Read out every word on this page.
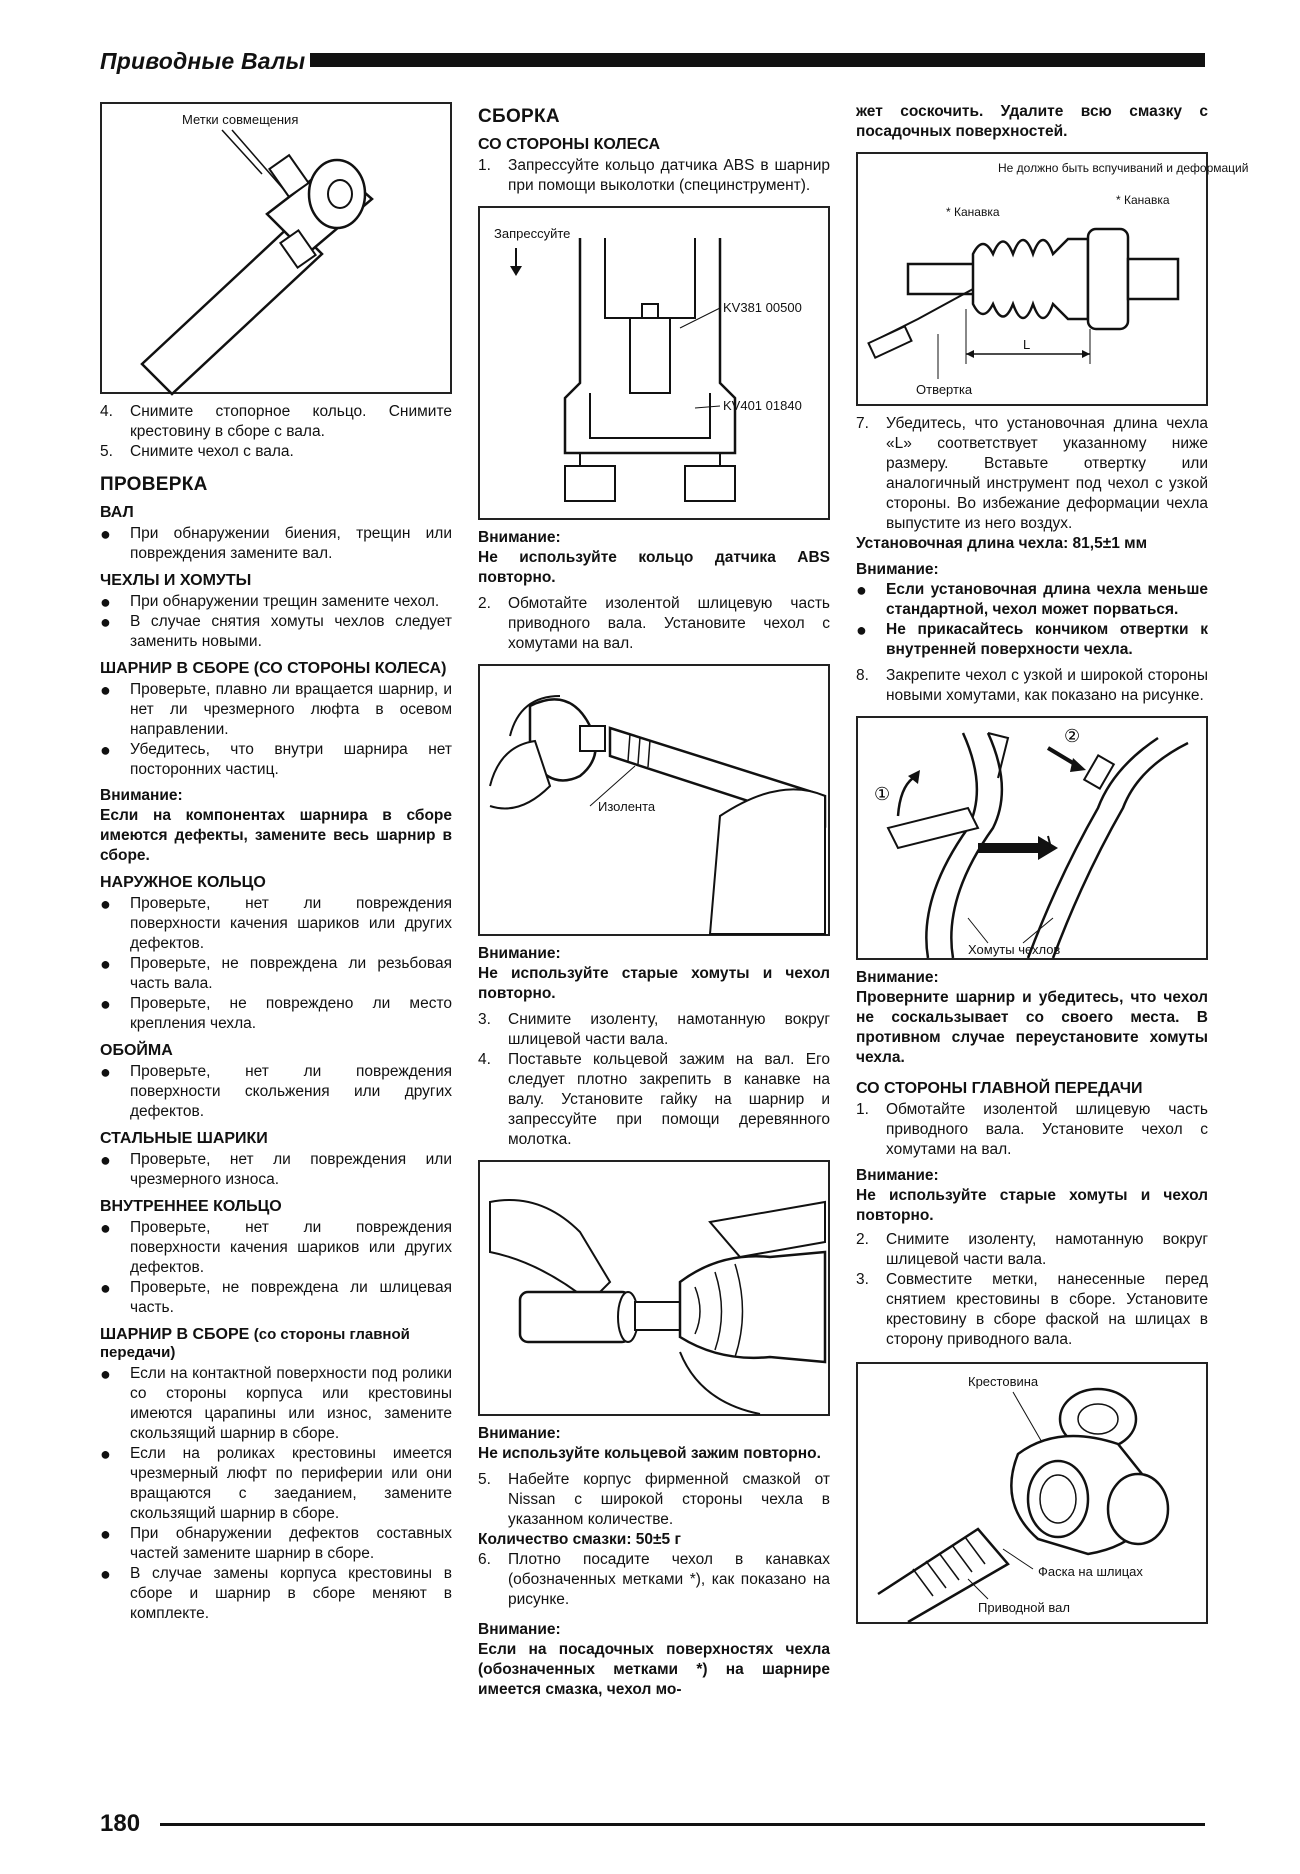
Приводные Валы
Метки совмещения
4.	Снимите стопорное кольцо. Снимите крестовину в сборе с вала.
5.	Снимите чехол с вала.
ПРОВЕРКА
ВАЛ
●	При обнаружении биения, трещин или повреждения замените вал.
ЧЕХЛЫ И ХОМУТЫ
●	При обнаружении трещин замените чехол.
●	В случае снятия хомуты чехлов следует заменить новыми.
ШАРНИР В СБОРЕ (СО СТОРОНЫ КОЛЕСА)
●	Проверьте, плавно ли вращается шарнир, и нет ли чрезмерного люфта в осевом направлении.
●	Убедитесь, что внутри шарнира нет посторонних частиц.
Внимание:
Если на компонентах шарнира в сборе имеются дефекты, замените весь шарнир в сборе.
НАРУЖНОЕ КОЛЬЦО
●	Проверьте, нет ли повреждения поверхности качения шариков или других дефектов.
●	Проверьте, не повреждена ли резьбовая часть вала.
●	Проверьте, не повреждено ли место крепления чехла.
ОБОЙМА
●	Проверьте, нет ли повреждения поверхности скольжения или других дефектов.
СТАЛЬНЫЕ ШАРИКИ
●	Проверьте, нет ли повреждения или чрезмерного износа.
ВНУТРЕННЕЕ КОЛЬЦО
●	Проверьте, нет ли повреждения поверхности качения шариков или других дефектов.
●	Проверьте, не повреждена ли шлицевая часть.
ШАРНИР В СБОРЕ (со стороны главной передачи)
●	Если на контактной поверхности под ролики со стороны корпуса или крестовины имеются царапины или износ, замените скользящий шарнир в сборе.
●	Если на роликах крестовины имеется чрезмерный люфт по периферии или они вращаются с заеданием, замените скользящий шарнир в сборе.
●	При обнаружении дефектов составных частей замените шарнир в сборе.
●	В случае замены корпуса крестовины в сборе и шарнир в сборе меняют в комплекте.
СБОРКА
СО СТОРОНЫ КОЛЕСА
1.	Запрессуйте кольцо датчика ABS в шарнир при помощи выколотки (специнструмент).
Запрессуйте
KV381 00500
KV401 01840
Внимание:
Не используйте кольцо датчика ABS повторно.
2.	Обмотайте изолентой шлицевую часть приводного вала. Установите чехол с хомутами на вал.
Изолента
Внимание:
Не используйте старые хомуты и чехол повторно.
3.	Снимите изоленту, намотанную вокруг шлицевой части вала.
4.	Поставьте кольцевой зажим на вал. Его следует плотно закрепить в канавке на валу. Установите гайку на шарнир и запрессуйте при помощи деревянного молотка.
Внимание:
Не используйте кольцевой зажим повторно.
5.	Набейте корпус фирменной смазкой от Nissan с широкой стороны чехла в указанном количестве.
Количество смазки: 50±5 г
6.	Плотно посадите чехол в канавках (обозначенных метками *), как показано на рисунке.
Внимание:
Если на посадочных поверхностях чехла (обозначенных метками *) на шарнире имеется смазка, чехол мо-
жет соскочить. Удалите всю смазку с посадочных поверхностей.
Не должно быть вспучиваний и деформаций
* Канавка
* Канавка
L
Отвертка
7.	Убедитесь, что установочная длина чехла «L» соответствует указанному ниже размеру. Вставьте отвертку или аналогичный инструмент под чехол с узкой стороны. Во избежание деформации чехла выпустите из него воздух.
Установочная длина чехла: 81,5±1 мм
Внимание:
●	Если установочная длина чехла меньше стандартной, чехол может порваться.
●	Не прикасайтесь кончиком отвертки к внутренней поверхности чехла.
8.	Закрепите чехол с узкой и широкой стороны новыми хомутами, как показано на рисунке.
①
②
Хомуты чехлов
Внимание:
Проверните шарнир и убедитесь, что чехол не соскальзывает со своего места. В противном случае переустановите хомуты чехла.
СО СТОРОНЫ ГЛАВНОЙ ПЕРЕДАЧИ
1.	Обмотайте изолентой шлицевую часть приводного вала. Установите чехол с хомутами на вал.
Внимание:
Не используйте старые хомуты и чехол повторно.
2.	Снимите изоленту, намотанную вокруг шлицевой части вала.
3.	Совместите метки, нанесенные перед снятием крестовины в сборе. Установите крестовину в сборе фаской на шлицах в сторону приводного вала.
Крестовина
Фаска на шлицах
Приводной вал
180
